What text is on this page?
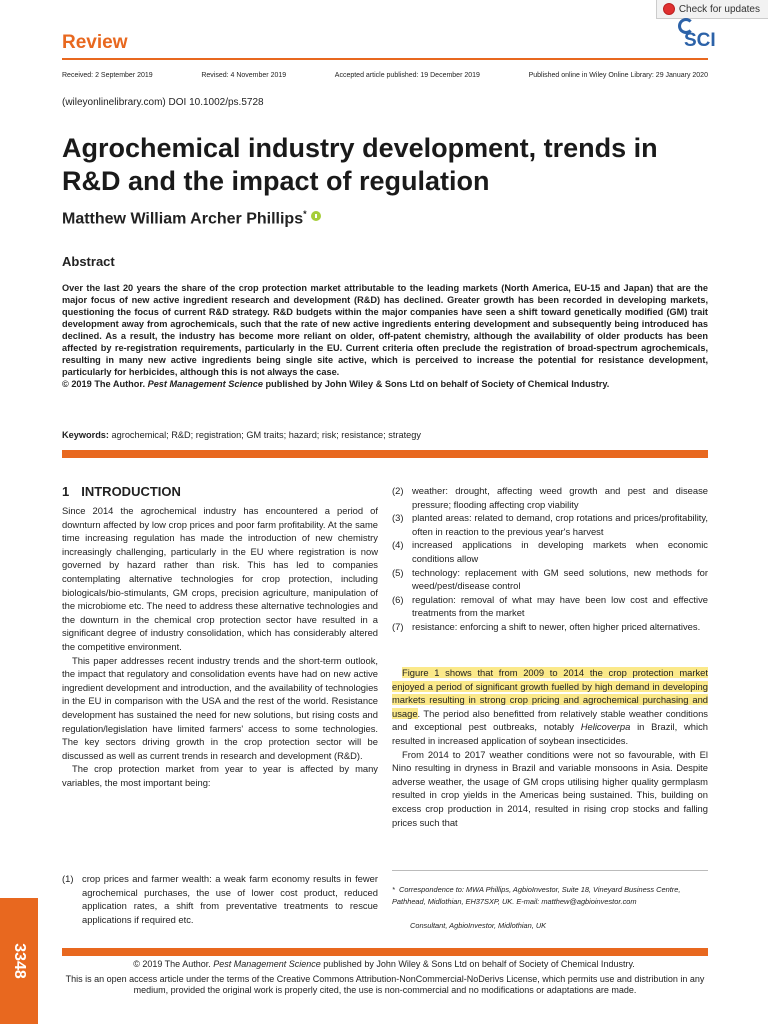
Check for updates
Review	SCI
Received: 2 September 2019	Revised: 4 November 2019	Accepted article published: 19 December 2019	Published online in Wiley Online Library: 29 January 2020
(wileyonlinelibrary.com) DOI 10.1002/ps.5728
Agrochemical industry development, trends in R&D and the impact of regulation
Matthew William Archer Phillips*
Abstract

Over the last 20 years the share of the crop protection market attributable to the leading markets (North America, EU-15 and Japan) that are the major focus of new active ingredient research and development (R&D) has declined. Greater growth has been recorded in developing markets, questioning the focus of current R&D strategy. R&D budgets within the major companies have seen a shift toward genetically modified (GM) trait development away from agrochemicals, such that the rate of new active ingredients entering development and subsequently being introduced has declined. As a result, the industry has become more reliant on older, off-patent chemistry, although the availability of older products has been affected by re-registration requirements, particularly in the EU. Current criteria often preclude the registration of broad-spectrum agrochemicals, resulting in many new active ingredients being single site active, which is perceived to increase the potential for resistance development, particularly for herbicides, although this is not always the case.

© 2019 The Author. Pest Management Science published by John Wiley & Sons Ltd on behalf of Society of Chemical Industry.

Keywords: agrochemical; R&D; registration; GM traits; hazard; risk; resistance; strategy
1 INTRODUCTION

Since 2014 the agrochemical industry has encountered a period of downturn affected by low crop prices and poor farm profitability. At the same time increasing regulation has made the introduction of new chemistry increasingly challenging, particularly in the EU where registration is now governed by hazard rather than risk. This has led to companies contemplating alternative technologies for crop protection, including biologicals/bio-stimulants, GM crops, precision agriculture, manipulation of the microbiome etc. The need to address these alternative technologies and the downturn in the chemical crop protection sector have resulted in a significant degree of industry consolidation, which has considerably altered the competitive environment.

This paper addresses recent industry trends and the short-term outlook, the impact that regulatory and consolidation events have had on new active ingredient development and introduction, and the availability of technologies in the EU in comparison with the USA and the rest of the world. Resistance development has sustained the need for new solutions, but rising costs and regulation/legislation have limited farmers' access to some technologies. The key sectors driving growth in the crop protection sector will be discussed as well as current trends in research and development (R&D).

The crop protection market from year to year is affected by many variables, the most important being:

(1) crop prices and farmer wealth: a weak farm economy results in fewer agrochemical purchases, the use of lower cost product, reduced application rates, a shift from preventative treatments to rescue applications if required etc.
(2) weather: drought, affecting weed growth and pest and disease pressure; flooding affecting crop viability
(3) planted areas: related to demand, crop rotations and prices/profitability, often in reaction to the previous year's harvest
(4) increased applications in developing markets when economic conditions allow
(5) technology: replacement with GM seed solutions, new methods for weed/pest/disease control
(6) regulation: removal of what may have been low cost and effective treatments from the market
(7) resistance: enforcing a shift to newer, often higher priced alternatives.

Figure 1 shows that from 2009 to 2014 the crop protection market enjoyed a period of significant growth fuelled by high demand in developing markets resulting in strong crop pricing and agrochemical purchasing and usage. The period also benefitted from relatively stable weather conditions and exceptional pest outbreaks, notably Helicoverpa in Brazil, which resulted in increased application of soybean insecticides.

From 2014 to 2017 weather conditions were not so favourable, with El Nino resulting in dryness in Brazil and variable monsoons in Asia. Despite adverse weather, the usage of GM crops utilising higher quality germplasm resulted in crop yields in the Americas being sustained. This, building on excess crop production in 2014, resulted in rising crop stocks and falling prices such that

* Correspondence to: MWA Phillips, AgbioInvestor, Suite 18, Vineyard Business Centre, Pathhead, Midlothian, EH37SXP, UK. E-mail: matthew@agbioinvestor.com
Consultant, AgbioInvestor, Midlothian, UK
© 2019 The Author. Pest Management Science published by John Wiley & Sons Ltd on behalf of Society of Chemical Industry.
This is an open access article under the terms of the Creative Commons Attribution-NonCommercial-NoDerivs License, which permits use and distribution in any medium, provided the original work is properly cited, the use is non-commercial and no modifications or adaptations are made.
3348
